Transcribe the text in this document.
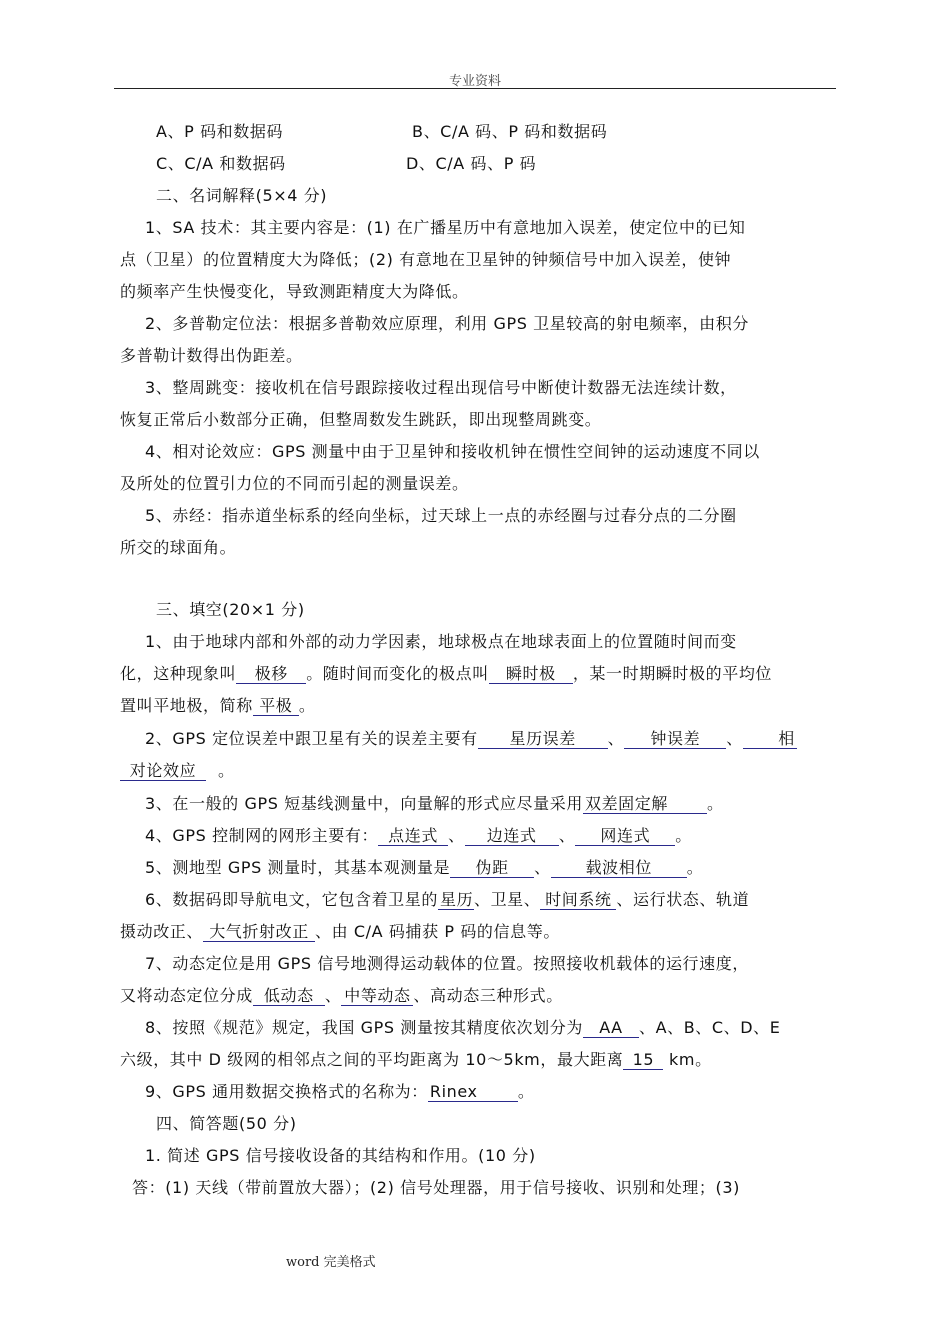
专业资料
A、P 码和数据码	B、C/A 码、P 码和数据码
C、C/A 和数据码	D、C/A 码、P 码
二、名词解释(5×4 分)
1、SA 技术：其主要内容是：(1) 在广播星历中有意地加入误差，使定位中的已知
点（卫星）的位置精度大为降低；(2) 有意地在卫星钟的钟频信号中加入误差，使钟
的频率产生快慢变化，导致测距精度大为降低。
2、多普勒定位法：根据多普勒效应原理，利用 GPS 卫星较高的射电频率，由积分
多普勒计数得出伪距差。
3、整周跳变：接收机在信号跟踪接收过程出现信号中断使计数器无法连续计数，
恢复正常后小数部分正确，但整周数发生跳跃，即出现整周跳变。
4、相对论效应：GPS 测量中由于卫星钟和接收机钟在惯性空间钟的运动速度不同以
及所处的位置引力位的不同而引起的测量误差。
5、赤经：指赤道坐标系的经向坐标，过天球上一点的赤经圈与过春分点的二分圈
所交的球面角。
三、填空(20×1 分)
1、由于地球内部和外部的动力学因素，地球极点在地球表面上的位置随时间而变
化，这种现象叫 极移 。随时间而变化的极点叫 瞬时极 ，某一时期瞬时极的平均位
置叫平地极，简称 平极 。
2、GPS 定位误差中跟卫星有关的误差主要有 星历误差 、 钟误差 、 相
对论效应 。
3、在一般的 GPS 短基线测量中，向量解的形式应尽量采用 双差固定解 。
4、GPS 控制网的网形主要有： 点连式 、 边连式 、 网连式 。
5、测地型 GPS 测量时，其基本观测量是 伪距 、 载波相位 。
6、数据码即导航电文，它包含着卫星的 星历、卫星、 时间系统 、运行状态、轨道
摄动改正、 大气折射改正 、由 C/A 码捕获 P 码的信息等。
7、动态定位是用 GPS 信号地测得运动载体的位置。按照接收机载体的运行速度，
又将动态定位分成 低动态 、 中等动态 、高动态三种形式。
8、按照《规范》规定，我国 GPS 测量按其精度依次划分为 AA 、A、B、C、D、E
六级，其中 D 级网的相邻点之间的平均距离为 10～5km，最大距离 15 km。
9、GPS 通用数据交换格式的名称为： Rinex	。
四、简答题(50 分)
1. 简述 GPS 信号接收设备的其结构和作用。(10 分)
答：(1) 天线（带前置放大器）；(2) 信号处理器，用于信号接收、识别和处理；(3)
word 完美格式
